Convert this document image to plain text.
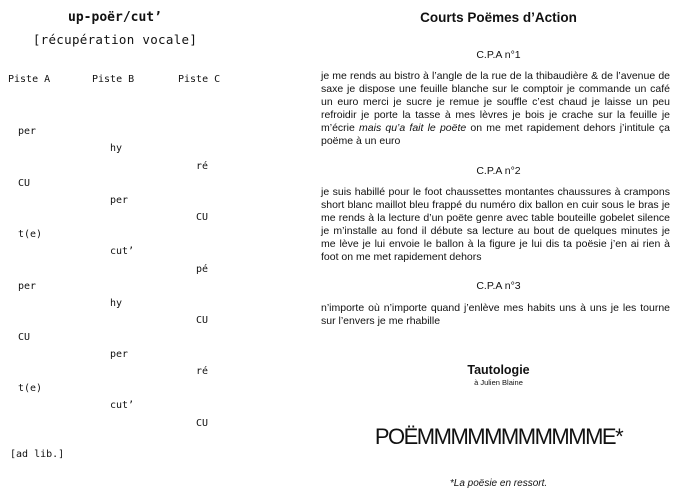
up-poër/cut’
[récupération vocale]
Piste A	Piste B	Piste C
per
hy
ré
CU
per
CU
t(e)
cut’
pé
per
hy
CU
CU
per
ré
t(e)
cut’
CU
[ad lib.]
Courts Poëmes d’Action
C.P.A n°1
je me rends au bistro à l’angle de la rue de la thibaudière & de l’avenue de saxe je dispose une feuille blanche sur le comptoir je commande un café un euro merci je sucre je remue je souffle c’est chaud je laisse un peu refroidir je porte la tasse à mes lèvres je bois je crache sur la feuille je m’écrie mais qu’a fait le poëte on me met rapidement dehors j’intitule ça poëme à un euro
C.P.A n°2
je suis habillé pour le foot chaussettes montantes chaussures à crampons short blanc maillot bleu frappé du numéro dix ballon en cuir sous le bras je me rends à la lecture d’un poëte genre avec table bouteille gobelet silence je m’installe au fond il débute sa lecture au bout de quelques minutes je me lève je lui envoie le ballon à la figure je lui dis ta poësie j’en ai rien à foot on me met rapidement dehors
C.P.A n°3
n’importe où n’importe quand j’enlève mes habits uns à uns je les tourne sur l’envers je me rhabille
Tautologie
à Julien Blaine
POËMMMMMMMMMMME*
*La poësie en ressort.
